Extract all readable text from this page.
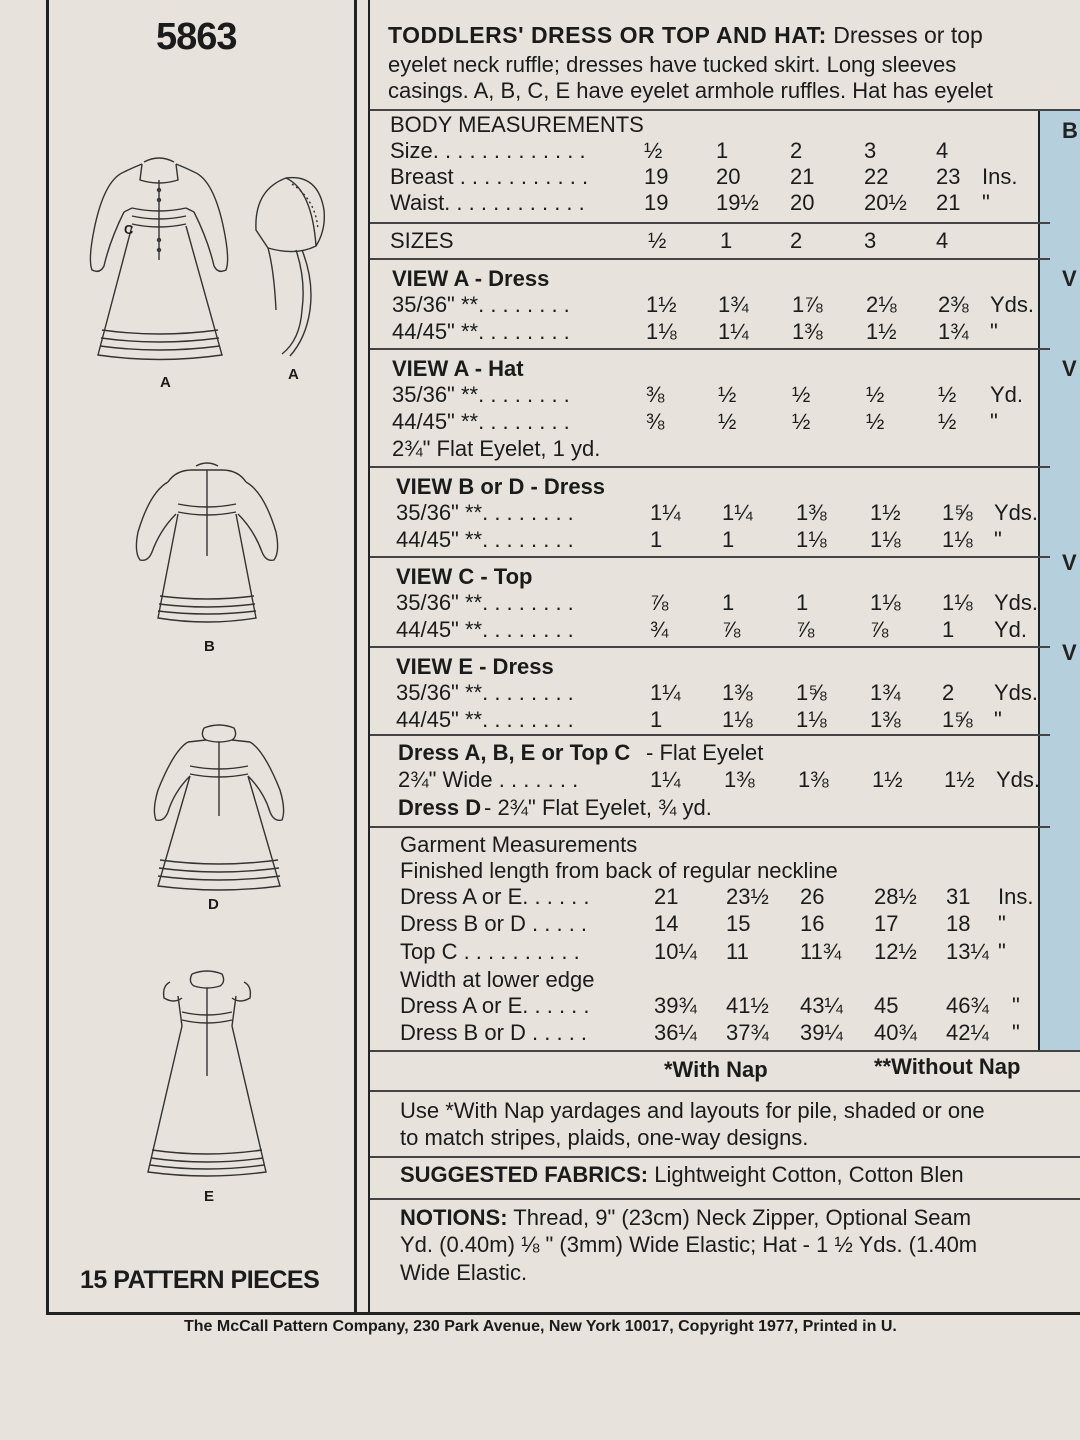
B
V
V
V
V
5863
C
A	A
B
D
E
15 PATTERN PIECES
TODDLERS' DRESS OR TOP AND HAT: Dresses or top
eyelet neck ruffle; dresses have tucked skirt. Long sleeves
casings. A, B, C, E have eyelet armhole ruffles. Hat has eyelet
BODY MEASUREMENTS
Size. . . . . . . . . . . . .	½ 1	2	3	4
Breast . . . . . . . . . . .	19 20 21 22 23 Ins.
Waist. . . . . . . . . . . .	19 19½ 20 20½ 21 "
SIZES	½ 1	2	3	4
VIEW A - Dress
35/36" **. . . . . . . .	1½ 1¾ 1⅞ 2⅛ 2⅜ Yds.
44/45" **. . . . . . . .	1⅛ 1¼ 1⅜ 1½ 1¾ "
VIEW A - Hat
35/36" **. . . . . . . .	⅜ ½	½	½ ½ Yd.
44/45" **. . . . . . . .	⅜ ½	½	½ ½ "
2¾" Flat Eyelet, 1 yd.
VIEW B or D - Dress
35/36" **. . . . . . . .	1¼ 1¼ 1⅜ 1½ 1⅝ Yds.
44/45" **. . . . . . . .	1	1	1⅛ 1⅛ 1⅛ "
VIEW C - Top
35/36" **. . . . . . . .	⅞ 1	1	1⅛ 1⅛ Yds.
44/45" **. . . . . . . .	¾ ⅞	⅞	⅞ 1 Yd.
VIEW E - Dress
35/36" **. . . . . . . .	1¼ 1⅜ 1⅝ 1¾ 2 Yds.
44/45" **. . . . . . . .	1	1⅛ 1⅛ 1⅜ 1⅝ "
Dress A, B, E or Top C - Flat Eyelet
2¾" Wide . . . . . . .	1¼ 1⅜ 1⅜ 1½ 1½ Yds.
Dress D - 2¾" Flat Eyelet, ¾ yd.
Garment Measurements
Finished length from back of regular neckline
Dress A or E. . . . . .	21 23½ 26 28½ 31 Ins.
Dress B or D . . . . .	14 15 16 17 18 "
Top C . . . . . . . . . .	10¼ 11 11¾ 12½ 13¼ "
Width at lower edge
Dress A or E. . . . . .	39¾ 41½ 43¼ 45 46¾ "
Dress B or D . . . . .	36¼ 37¾ 39¼ 40¾ 42¼ "
*With Nap	**Without Nap
Use *With Nap yardages and layouts for pile, shaded or one
to match stripes, plaids, one-way designs.
SUGGESTED FABRICS: Lightweight Cotton, Cotton Blen
NOTIONS: Thread, 9" (23cm) Neck Zipper, Optional Seam
Yd. (0.40m) ⅛ " (3mm) Wide Elastic; Hat - 1 ½ Yds. (1.40m
Wide Elastic.
The McCall Pattern Company, 230 Park Avenue, New York 10017, Copyright 1977, Printed in U.
